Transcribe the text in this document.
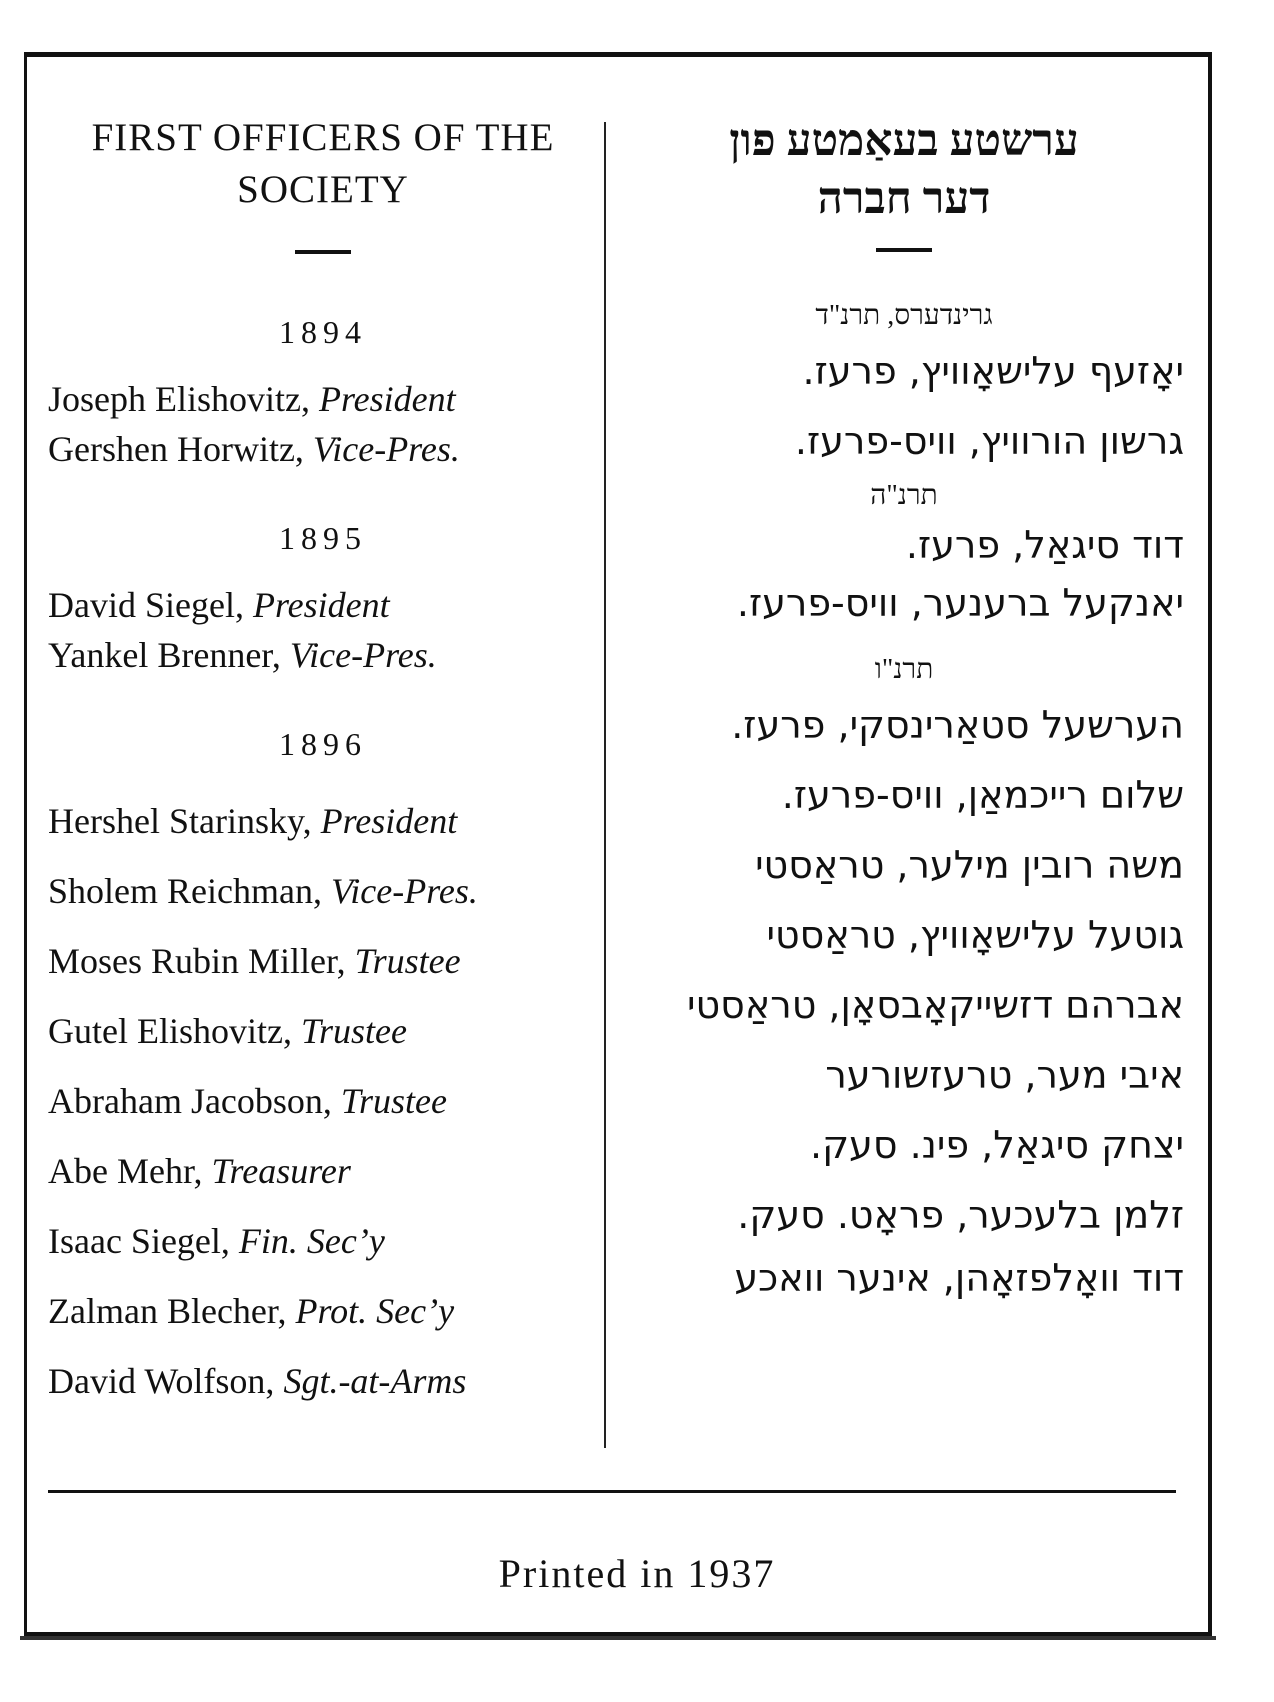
FIRST OFFICERS OF THE

SOCIETY

1894

Joseph Elishovitz, President

Gershen Horwitz, Vice-Pres.

1895

David Siegel, President

Yankel Brenner, Vice-Pres.

1896

Hershel Starinsky, President

Sholem Reichman, Vice-Pres.

Moses Rubin Miller, Trustee

Gutel Elishovitz, Trustee

Abraham Jacobson, Trustee

Abe Mehr, Treasurer

Isaac Siegel, Fin. Sec’y

Zalman Blecher, Prot. Sec’y

David Wolfson, Sgt.-at-Arms

ערשטע בעאַמטע פון

דער חברה

גרינדערס, תרנ"ד

יאָזעף עלישאָוויץ, פרעז.

גרשון הורוויץ, וויס-פרעז.

תרנ"ה

דוד סיגאַל, פרעז.

יאנקעל ברענער, וויס-פרעז.

תרנ"ו

הערשעל סטאַרינסקי, פרעז.

שלום רייכמאַן, וויס-פרעז.

משה רובין מילער, טראַסטי

גוטעל עלישאָוויץ, טראַסטי

אברהם דזשייקאָבסאָן, טראַסטי

איבי מער, טרעזשורער

יצחק סיגאַל, פינ. סעק.

זלמן בלעכער, פראָט. סעק.

דוד וואָלפזאָהן, אינער וואכע

Printed in 1937
